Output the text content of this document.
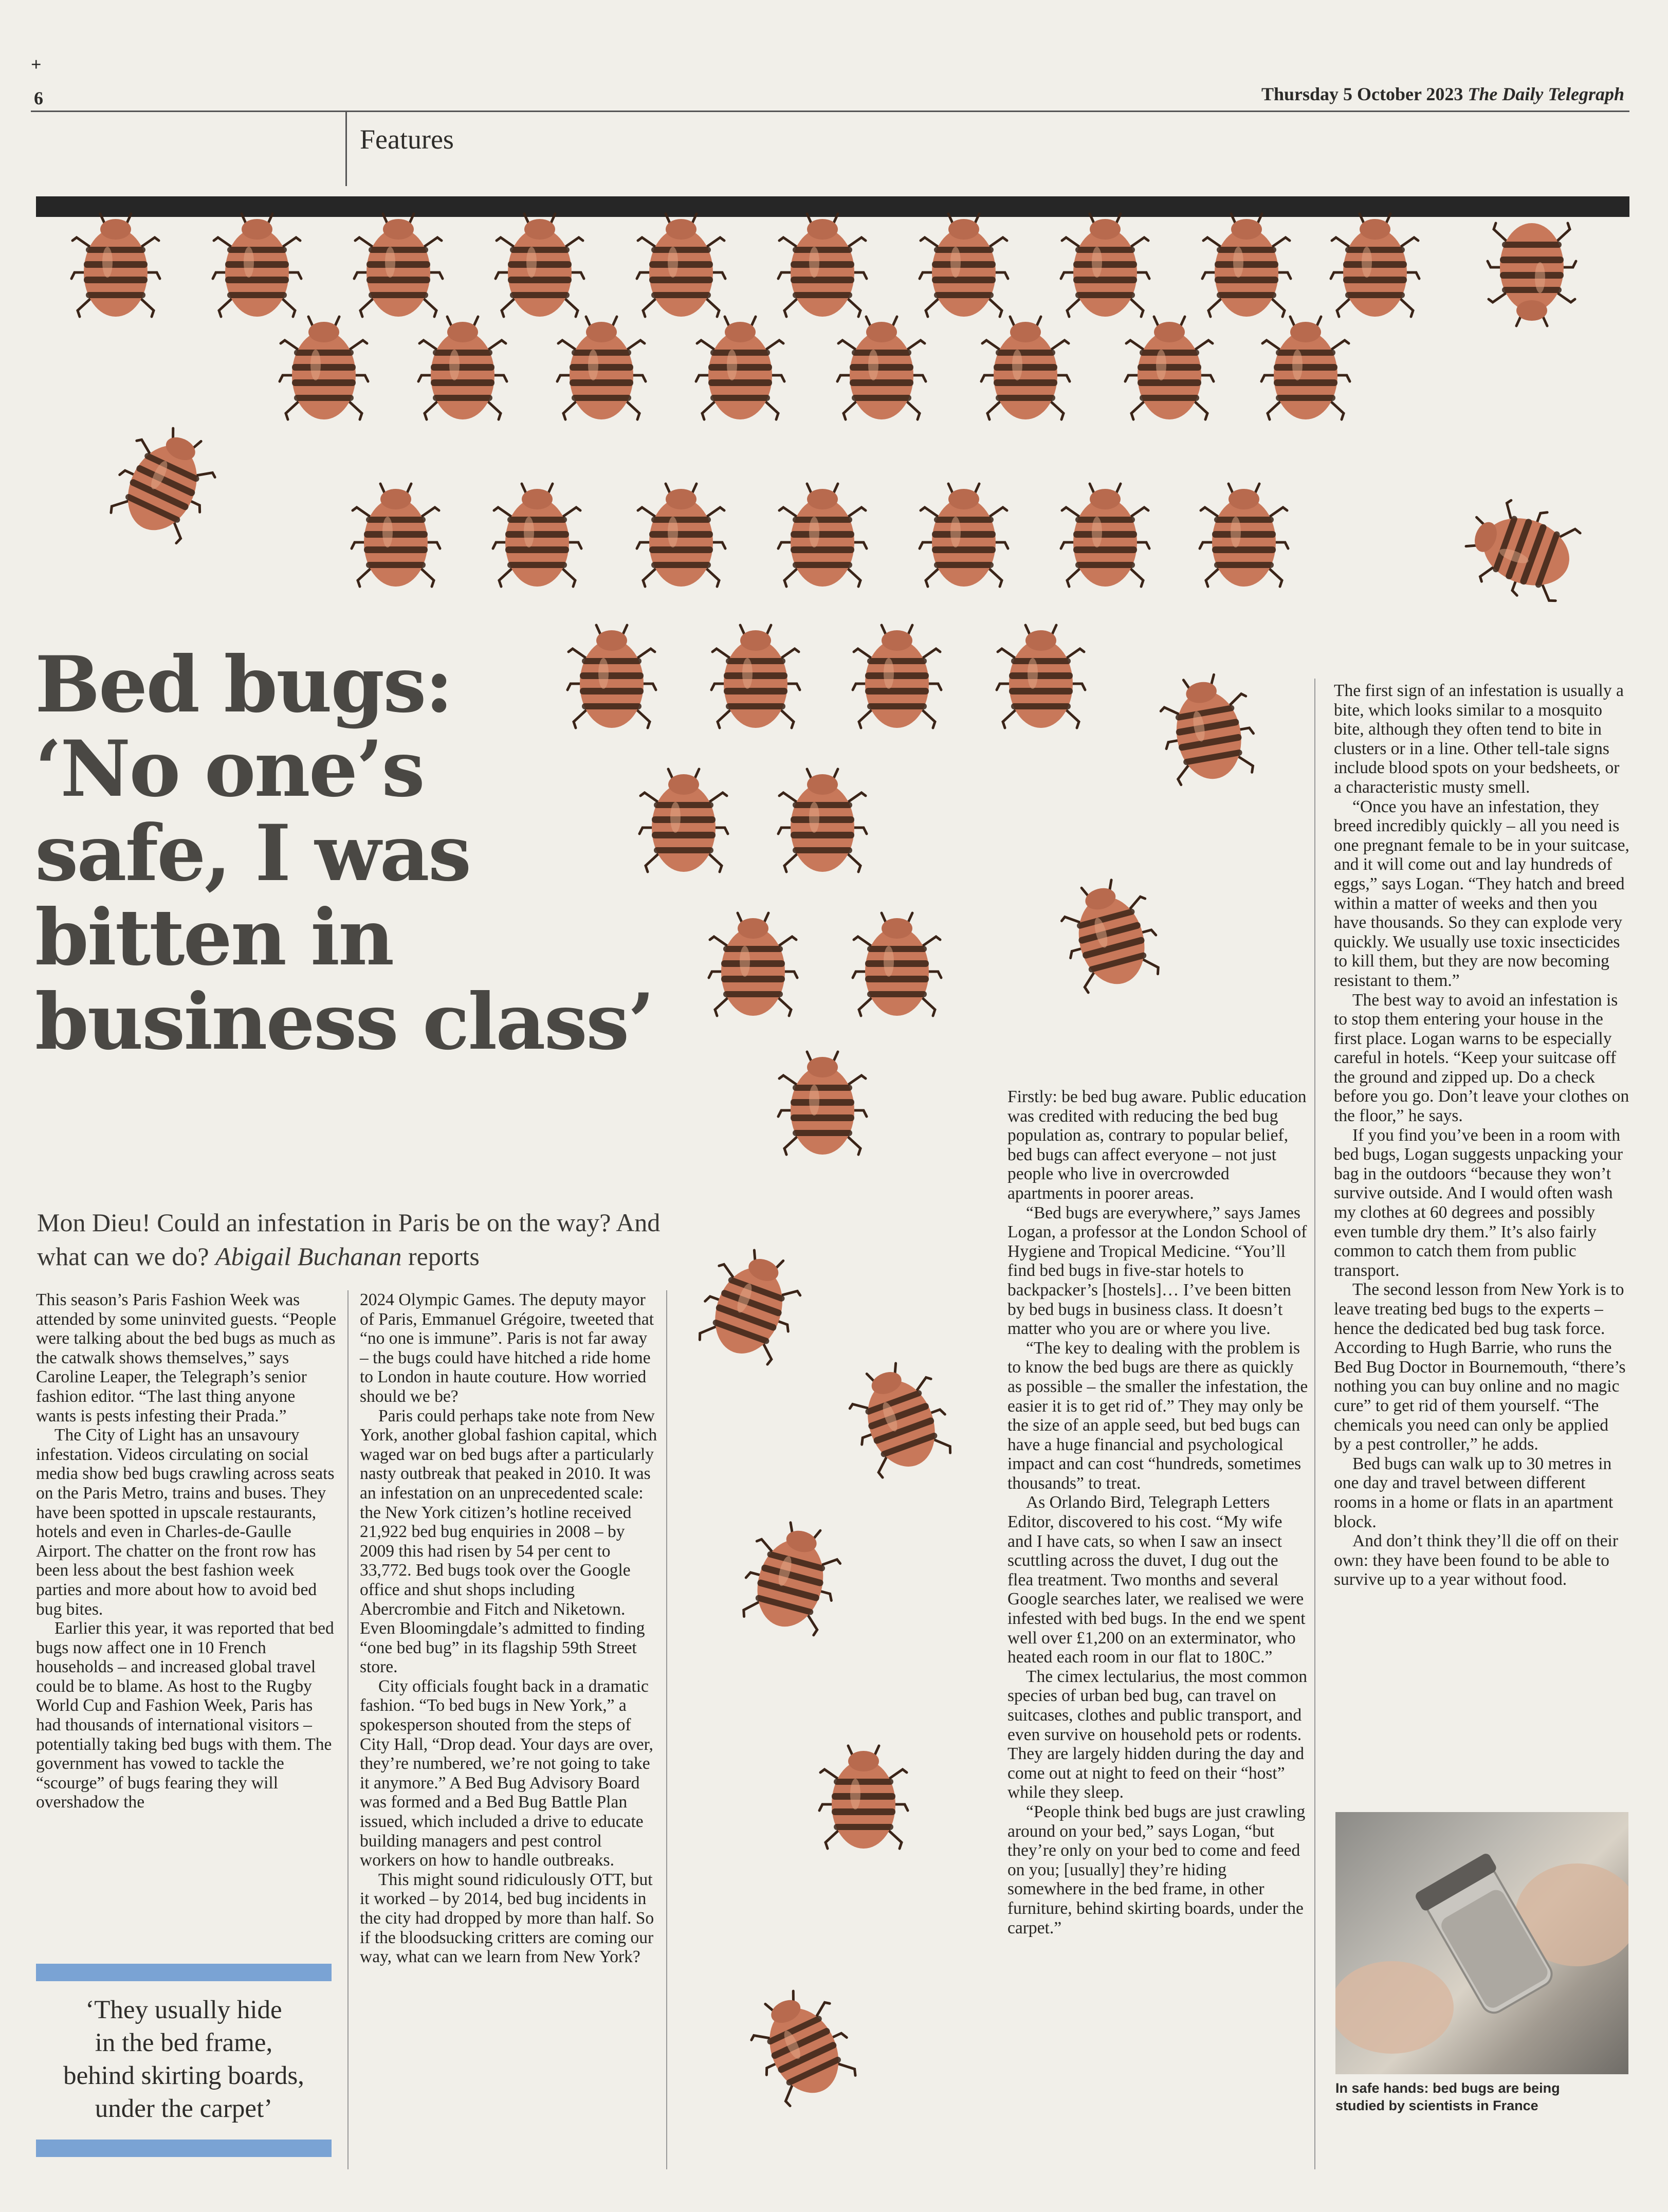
+
6	Thursday 5 October 2023 The Daily Telegraph
Features
Bed bugs:
‘No one’s
safe, I was
bitten in
business class’
Mon Dieu! Could an infestation in Paris be on the way? And what can we do? Abigail Buchanan reports

This season’s Paris Fashion Week was attended by some uninvited guests. “People were talking about the bed bugs as much as the catwalk shows themselves,” says Caroline Leaper, the Telegraph’s senior fashion editor. “The last thing anyone wants is pests infesting their Prada.”

The City of Light has an unsavoury infestation. Videos circulating on social media show bed bugs crawling across seats on the Paris Metro, trains and buses. They have been spotted in upscale restaurants, hotels and even in Charles-de-Gaulle Airport. The chatter on the front row has been less about the best fashion week parties and more about how to avoid bed bug bites.

Earlier this year, it was reported that bed bugs now affect one in 10 French households – and increased global travel could be to blame. As host to the Rugby World Cup and Fashion Week, Paris has had thousands of international visitors – potentially taking bed bugs with them. The government has vowed to tackle the “scourge” of bugs fearing they will overshadow the

‘They usually hide
in the bed frame,
behind skirting boards,
under the carpet’

2024 Olympic Games. The deputy mayor of Paris, Emmanuel Grégoire, tweeted that “no one is immune”. Paris is not far away – the bugs could have hitched a ride home to London in haute couture. How worried should we be?

Paris could perhaps take note from New York, another global fashion capital, which waged war on bed bugs after a particularly nasty outbreak that peaked in 2010. It was an infestation on an unprecedented scale: the New York citizen’s hotline received 21,922 bed bug enquiries in 2008 – by 2009 this had risen by 54 per cent to 33,772. Bed bugs took over the Google office and shut shops including Abercrombie and Fitch and Niketown. Even Bloomingdale’s admitted to finding “one bed bug” in its flagship 59th Street store.

City officials fought back in a dramatic fashion. “To bed bugs in New York,” a spokesperson shouted from the steps of City Hall, “Drop dead. Your days are over, they’re numbered, we’re not going to take it anymore.” A Bed Bug Advisory Board was formed and a Bed Bug Battle Plan issued, which included a drive to educate building managers and pest control workers on how to handle outbreaks.

This might sound ridiculously OTT, but it worked – by 2014, bed bug incidents in the city had dropped by more than half. So if the bloodsucking critters are coming our way, what can we learn from New York?

Firstly: be bed bug aware. Public education was credited with reducing the bed bug population as, contrary to popular belief, bed bugs can affect everyone – not just people who live in overcrowded apartments in poorer areas.

“Bed bugs are everywhere,” says James Logan, a professor at the London School of Hygiene and Tropical Medicine. “You’ll find bed bugs in five-star hotels to backpacker’s [hostels]… I’ve been bitten by bed bugs in business class. It doesn’t matter who you are or where you live.

“The key to dealing with the problem is to know the bed bugs are there as quickly as possible – the smaller the infestation, the easier it is to get rid of.” They may only be the size of an apple seed, but bed bugs can have a huge financial and psychological impact and can cost “hundreds, sometimes thousands” to treat.

As Orlando Bird, Telegraph Letters Editor, discovered to his cost. “My wife and I have cats, so when I saw an insect scuttling across the duvet, I dug out the flea treatment. Two months and several Google searches later, we realised we were infested with bed bugs. In the end we spent well over £1,200 on an exterminator, who heated each room in our flat to 180C.”

The cimex lectularius, the most common species of urban bed bug, can travel on suitcases, clothes and public transport, and even survive on household pets or rodents. They are largely hidden during the day and come out at night to feed on their “host” while they sleep.

“People think bed bugs are just crawling around on your bed,” says Logan, “but they’re only on your bed to come and feed on you; [usually] they’re hiding somewhere in the bed frame, in other furniture, behind skirting boards, under the carpet.”

The first sign of an infestation is usually a bite, which looks similar to a mosquito bite, although they often tend to bite in clusters or in a line. Other tell-tale signs include blood spots on your bedsheets, or a characteristic musty smell.

“Once you have an infestation, they breed incredibly quickly – all you need is one pregnant female to be in your suitcase, and it will come out and lay hundreds of eggs,” says Logan. “They hatch and breed within a matter of weeks and then you have thousands. So they can explode very quickly. We usually use toxic insecticides to kill them, but they are now becoming resistant to them.”

The best way to avoid an infestation is to stop them entering your house in the first place. Logan warns to be especially careful in hotels. “Keep your suitcase off the ground and zipped up. Do a check before you go. Don’t leave your clothes on the floor,” he says.

If you find you’ve been in a room with bed bugs, Logan suggests unpacking your bag in the outdoors “because they won’t survive outside. And I would often wash my clothes at 60 degrees and possibly even tumble dry them.” It’s also fairly common to catch them from public transport.

The second lesson from New York is to leave treating bed bugs to the experts – hence the dedicated bed bug task force. According to Hugh Barrie, who runs the Bed Bug Doctor in Bournemouth, “there’s nothing you can buy online and no magic cure” to get rid of them yourself. “The chemicals you need can only be applied by a pest controller,” he adds.

Bed bugs can walk up to 30 metres in one day and travel between different rooms in a home or flats in an apartment block.

And don’t think they’ll die off on their own: they have been found to be able to survive up to a year without food.

In safe hands: bed bugs are being
studied by scientists in France
